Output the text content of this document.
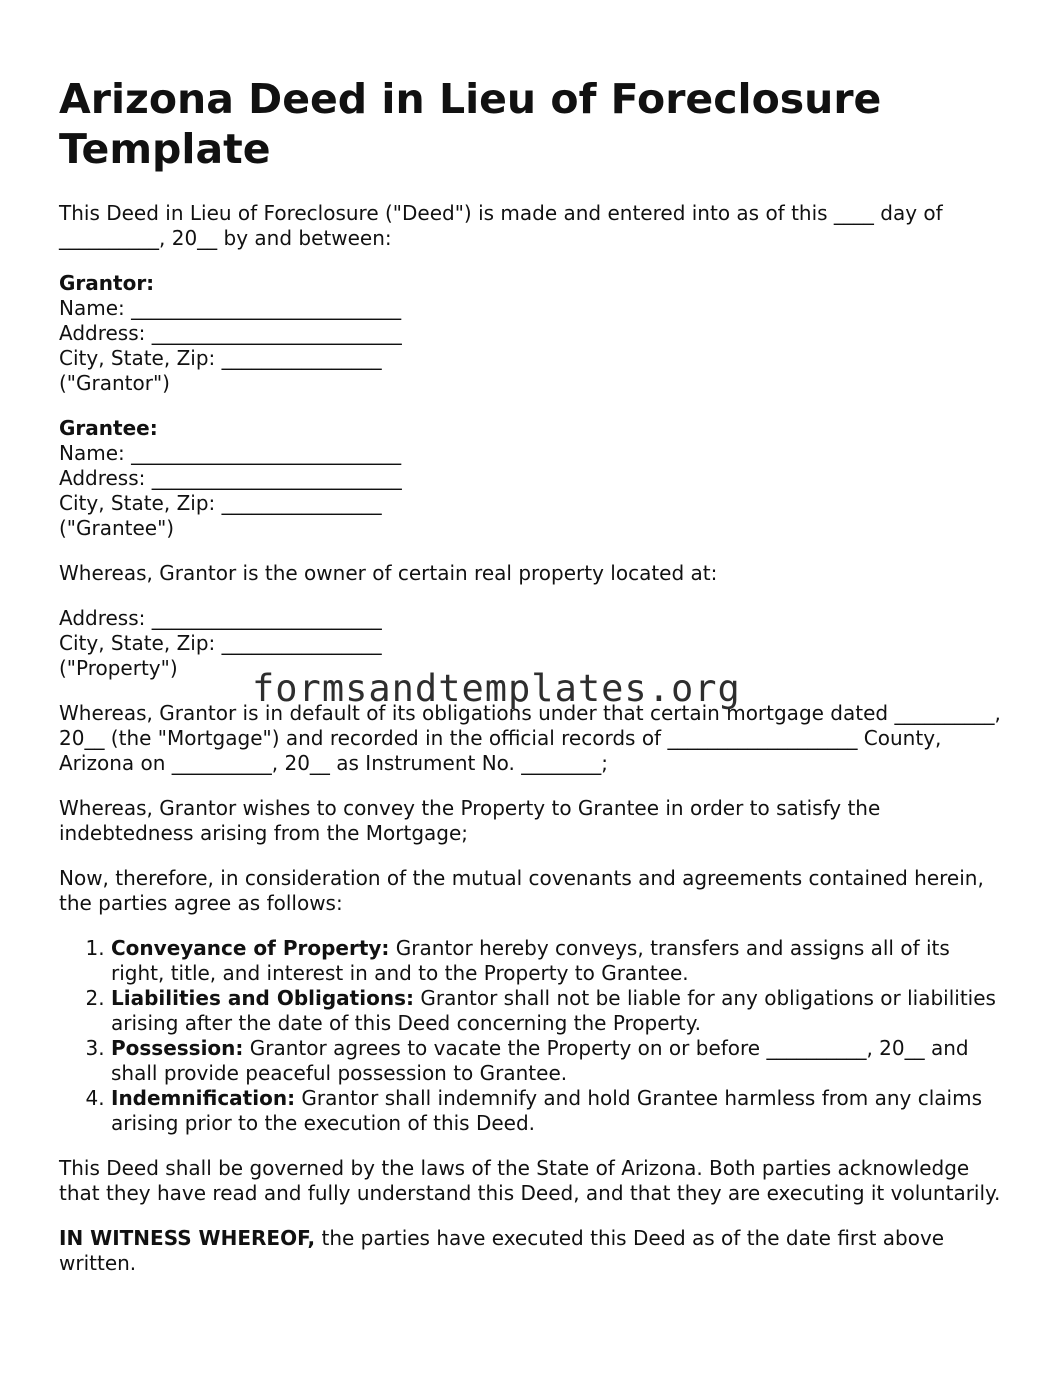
Arizona Deed in Lieu of Foreclosure Template

This Deed in Lieu of Foreclosure ("Deed") is made and entered into as of this ____ day of __________, 20__ by and between:

Grantor:
Name: ___________________________
Address: _________________________
City, State, Zip: ________________
("Grantor")
Grantee:
Name: ___________________________
Address: _________________________
City, State, Zip: ________________
("Grantee")

Whereas, Grantor is the owner of certain real property located at:

Address: _______________________
City, State, Zip: ________________
("Property")

Whereas, Grantor is in default of its obligations under that certain mortgage dated __________, 20__ (the "Mortgage") and recorded in the official records of ___________________ County, Arizona on __________, 20__ as Instrument No. ________;

Whereas, Grantor wishes to convey the Property to Grantee in order to satisfy the indebtedness arising from the Mortgage;

Now, therefore, in consideration of the mutual covenants and agreements contained herein, the parties agree as follows:

1. Conveyance of Property: Grantor hereby conveys, transfers and assigns all of its right, title, and interest in and to the Property to Grantee.
2. Liabilities and Obligations: Grantor shall not be liable for any obligations or liabilities arising after the date of this Deed concerning the Property.
3. Possession: Grantor agrees to vacate the Property on or before __________, 20__ and shall provide peaceful possession to Grantee.
4. Indemnification: Grantor shall indemnify and hold Grantee harmless from any claims arising prior to the execution of this Deed.

This Deed shall be governed by the laws of the State of Arizona. Both parties acknowledge that they have read and fully understand this Deed, and that they are executing it voluntarily.

IN WITNESS WHEREOF, the parties have executed this Deed as of the date first above written.

formsandtemplates.org
